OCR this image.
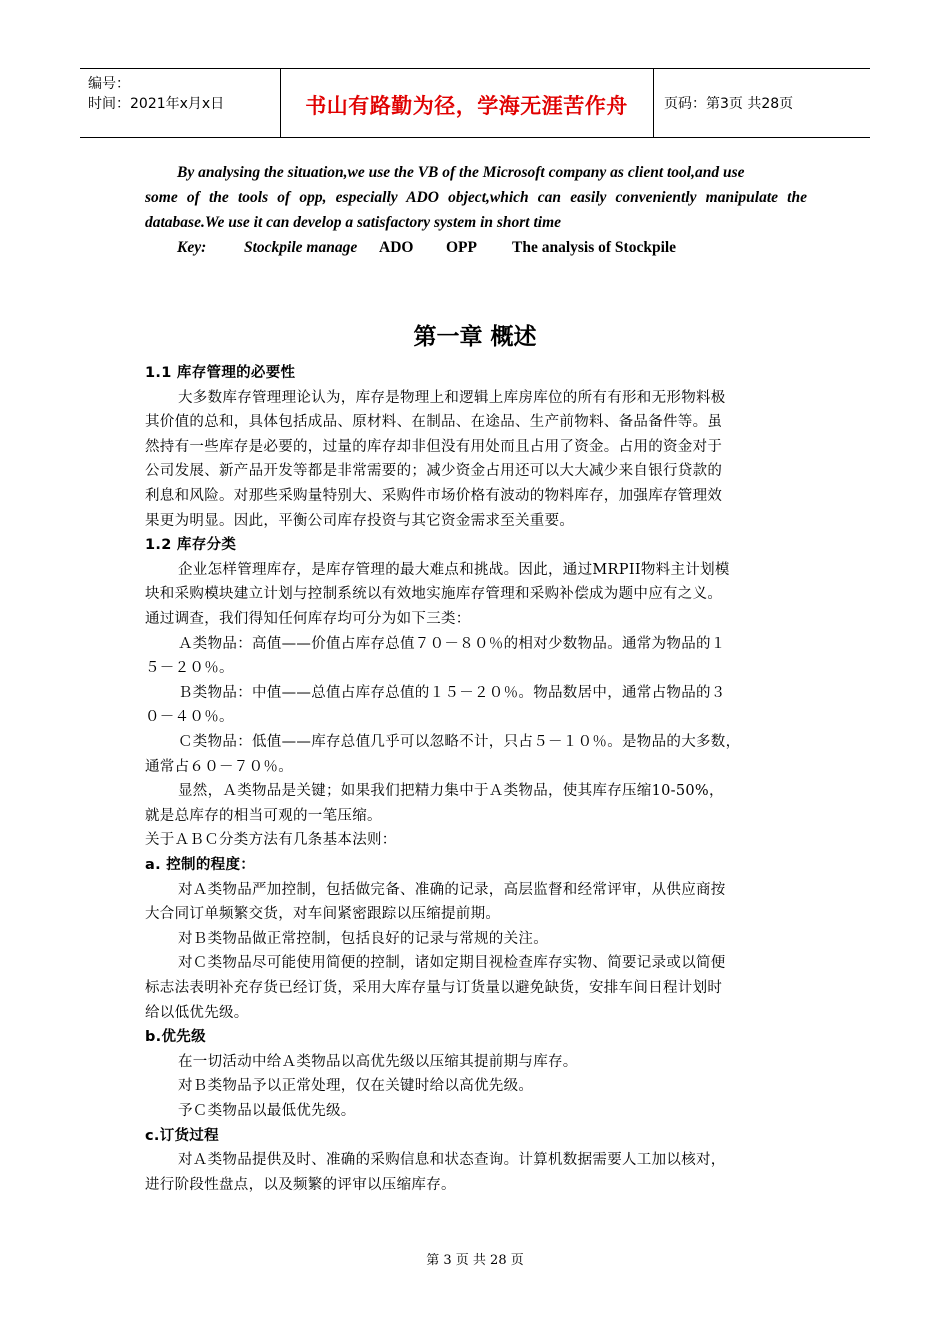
编号：
时间：2021年x月x日	书山有路勤为径，学海无涯苦作舟	页码：第3页 共28页
By analysing the situation,we use the VB of the Microsoft company as client tool,and use
some of the tools of opp, especially ADO object,which can easily conveniently manipulate the
database.We use it can develop a satisfactory system in short time
Key: Stockpile manage ADO OPP The analysis of Stockpile
第一章 概述
1.1 库存管理的必要性
大多数库存管理理论认为，库存是物理上和逻辑上库房库位的所有有形和无形物料极
其价值的总和，具体包括成品、原材料、在制品、在途品、生产前物料、备品备件等。虽
然持有一些库存是必要的，过量的库存却非但没有用处而且占用了资金。占用的资金对于
公司发展、新产品开发等都是非常需要的；减少资金占用还可以大大减少来自银行贷款的
利息和风险。对那些采购量特别大、采购件市场价格有波动的物料库存，加强库存管理效
果更为明显。因此，平衡公司库存投资与其它资金需求至关重要。
1.2 库存分类
企业怎样管理库存，是库存管理的最大难点和挑战。因此，通过MRPII物料主计划模
块和采购模块建立计划与控制系统以有效地实施库存管理和采购补偿成为题中应有之义。
通过调查，我们得知任何库存均可分为如下三类：
Ａ类物品：高值——价值占库存总值７０－８０％的相对少数物品。通常为物品的１
５－２０％。
Ｂ类物品：中值——总值占库存总值的１５－２０％。物品数居中，通常占物品的３
０－４０％。
Ｃ类物品：低值——库存总值几乎可以忽略不计，只占５－１０％。是物品的大多数，
通常占６０－７０％。
显然，Ａ类物品是关键；如果我们把精力集中于Ａ类物品，使其库存压缩10-50%，
就是总库存的相当可观的一笔压缩。
关于ＡＢＣ分类方法有几条基本法则：
a. 控制的程度：
对Ａ类物品严加控制，包括做完备、准确的记录，高层监督和经常评审，从供应商按
大合同订单频繁交货，对车间紧密跟踪以压缩提前期。
对Ｂ类物品做正常控制，包括良好的记录与常规的关注。
对Ｃ类物品尽可能使用简便的控制，诸如定期目视检查库存实物、简要记录或以简便
标志法表明补充存货已经订货，采用大库存量与订货量以避免缺货，安排车间日程计划时
给以低优先级。
b.优先级
在一切活动中给Ａ类物品以高优先级以压缩其提前期与库存。
对Ｂ类物品予以正常处理，仅在关键时给以高优先级。
予Ｃ类物品以最低优先级。
c.订货过程
对Ａ类物品提供及时、准确的采购信息和状态查询。计算机数据需要人工加以核对，
进行阶段性盘点，以及频繁的评审以压缩库存。
第 3 页 共 28 页
